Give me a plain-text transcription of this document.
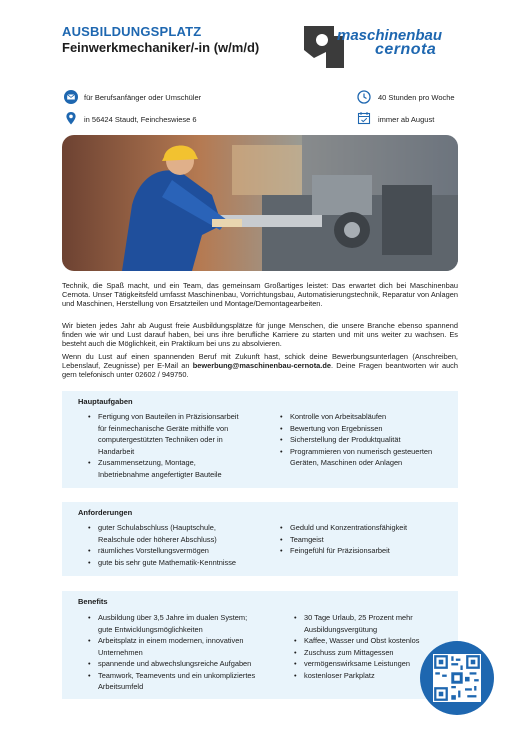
AUSBILDUNGSPLATZ
Feinwerkmechaniker/-in (w/m/d)
maschinenbau
cernota
für Berufsanfänger oder Umschüler	40 Stunden pro Woche
in 56424 Staudt, Feincheswiese 6	immer ab August
Technik, die Spaß macht, und ein Team, das gemeinsam Großartiges leistet: Das erwartet dich bei Maschinenbau Cernota. Unser Tätigkeitsfeld umfasst Maschinenbau, Vorrichtungsbau, Automatisierungstechnik, Reparatur von Anlagen und Maschinen, Herstellung von Ersatzteilen und Montage/Demontagearbeiten.
Wir bieten jedes Jahr ab August freie Ausbildungsplätze für junge Menschen, die unsere Branche ebenso spannend finden wie wir und Lust darauf haben, bei uns ihre berufliche Karriere zu starten und mit uns weiter zu wachsen. Es besteht auch die Möglichkeit, ein Praktikum bei uns zu absolvieren.
Wenn du Lust auf einen spannenden Beruf mit Zukunft hast, schick deine Bewerbungsunterlagen (Anschreiben, Lebenslauf, Zeugnisse) per E-Mail an bewerbung@maschinenbau-cernota.de. Deine Fragen beantworten wir auch gern telefonisch unter 02602 / 949750.
Hauptaufgaben
• Fertigung von Bauteilen in Präzisionsarbeit für feinmechanische Geräte mithilfe von computergestützten Techniken oder in Handarbeit
• Zusammensetzung, Montage, Inbetriebnahme angefertigter Bauteile
• Kontrolle von Arbeitsabläufen
• Bewertung von Ergebnissen
• Sicherstellung der Produktqualität
• Programmieren von numerisch gesteuerten Geräten, Maschinen oder Anlagen
Anforderungen
• guter Schulabschluss (Hauptschule, Realschule oder höherer Abschluss)
• räumliches Vorstellungsvermögen
• gute bis sehr gute Mathematik-Kenntnisse
• Geduld und Konzentrationsfähigkeit
• Teamgeist
• Feingefühl für Präzisionsarbeit
Benefits
• Ausbildung über 3,5 Jahre im dualen System; gute Entwicklungsmöglichkeiten
• Arbeitsplatz in einem modernen, innovativen Unternehmen
• spannende und abwechslungsreiche Aufgaben
• Teamwork, Teamevents und ein unkompliziertes Arbeitsumfeld
• 30 Tage Urlaub, 25 Prozent mehr Ausbildungsvergütung
• Kaffee, Wasser und Obst kostenlos
• Zuschuss zum Mittagessen
• vermögenswirksame Leistungen
• kostenloser Parkplatz
